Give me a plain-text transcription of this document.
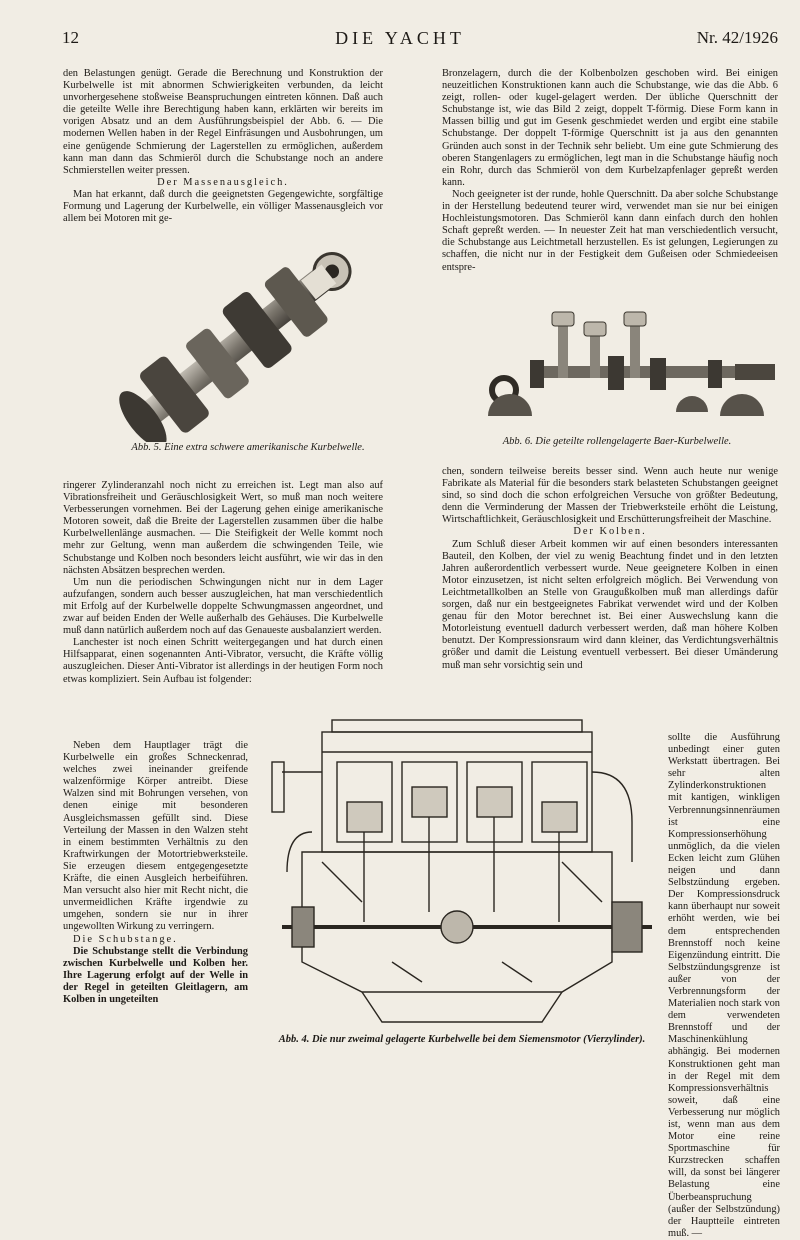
12	DIE YACHT	Nr. 42/1926

den Belastungen genügt. Gerade die Berechnung und Konstruktion der Kurbelwelle ist mit abnormen Schwierigkeiten verbunden, da leicht unvorhergesehene stoßweise Beanspruchungen eintreten können. Daß auch die geteilte Welle ihre Berechtigung haben kann, erklärten wir bereits im vorigen Absatz und an dem Ausführungsbeispiel der Abb. 6. — Die modernen Wellen haben in der Regel Einfräsungen und Ausbohrungen, um eine genügende Schmierung der Lagerstellen zu ermöglichen, außerdem kann man dann das Schmieröl durch die Schubstange noch an andere Schmierstellen weiter pressen.

Der Massenausgleich.

Man hat erkannt, daß durch die geeignetsten Gegengewichte, sorgfältige Formung und Lagerung der Kurbelwelle, ein völliger Massenausgleich vor allem bei Motoren mit ge-

Bronzelagern, durch die der Kolbenbolzen geschoben wird. Bei einigen neuzeitlichen Konstruktionen kann auch die Schubstange, wie das die Abb. 6 zeigt, rollen- oder kugel-gelagert werden. Der übliche Querschnitt der Schubstange ist, wie das Bild 2 zeigt, doppelt T-förmig. Diese Form kann in Massen billig und gut im Gesenk geschmiedet werden und ergibt eine stabile Schubstange. Der doppelt T-förmige Querschnitt ist ja aus den genannten Gründen auch sonst in der Technik sehr beliebt. Um eine gute Schmierung des oberen Stangenlagers zu ermöglichen, legt man in die Schubstange häufig noch ein Rohr, durch das Schmieröl von dem Kurbelzapfenlager gepreßt werden kann.

Noch geeigneter ist der runde, hohle Querschnitt. Da aber solche Schubstange in der Herstellung bedeutend teurer wird, verwendet man sie nur bei einigen Hochleistungsmotoren. Das Schmieröl kann dann einfach durch den hohlen Schaft gepreßt werden. — In neuester Zeit hat man verschiedentlich versucht, die Schubstange aus Leichtmetall herzustellen. Es ist gelungen, Legierungen zu schaffen, die nicht nur in der Festigkeit dem Gußeisen oder Schmiedeeisen entspre-

Abb. 5. Eine extra schwere amerikanische Kurbelwelle.
Abb. 6. Die geteilte rollengelagerte Baer-Kurbelwelle.

ringerer Zylinderanzahl noch nicht zu erreichen ist. Legt man also auf Vibrationsfreiheit und Geräuschlosigkeit Wert, so muß man noch weitere Verbesserungen vornehmen. Bei der Lagerung gehen einige amerikanische Motoren soweit, daß die Breite der Lagerstellen zusammen über die halbe Kurbelwellenlänge ausmachen. — Die Steifigkeit der Welle kommt noch mehr zur Geltung, wenn man außerdem die schwingenden Teile, wie Schubstange und Kolben noch besonders leicht ausführt, wie wir das in den nächsten Absätzen besprechen werden.

Um nun die periodischen Schwingungen nicht nur in dem Lager aufzufangen, sondern auch besser auszugleichen, hat man verschiedentlich mit Erfolg auf der Kurbelwelle doppelte Schwungmassen angeordnet, und zwar auf beiden Enden der Welle außerhalb des Gehäuses. Die Kurbelwelle muß dann natürlich außerdem noch auf das Genaueste ausbalanziert werden.

Lanchester ist noch einen Schritt weitergegangen und hat durch einen Hilfsapparat, einen sogenannten Anti-Vibrator, versucht, die Kräfte völlig auszugleichen. Dieser Anti-Vibrator ist allerdings in der heutigen Form noch etwas kompliziert. Sein Aufbau ist folgender:

Neben dem Hauptlager trägt die Kurbelwelle ein großes Schneckenrad, welches zwei ineinander greifende walzenförmige Körper antreibt. Diese Walzen sind mit Bohrungen versehen, von denen einige mit besonderen Ausgleichsmassen gefüllt sind. Diese Verteilung der Massen in den Walzen steht in einem bestimmten Verhältnis zu den Kraftwirkungen der Motortriebwerksteile. Sie erzeugen diesem entgegengesetzte Kräfte, die einen Ausgleich herbeiführen. Man versucht also hier mit Recht nicht, die unvermeidlichen Kräfte irgendwie zu umgehen, sondern sie nur in ihrer ungewollten Wirkung zu verringern.

Die Schubstange.

Die Schubstange stellt die Verbindung zwischen Kurbelwelle und Kolben her. Ihre Lagerung erfolgt auf der Welle in der Regel in geteilten Gleitlagern, am Kolben in ungeteilten

chen, sondern teilweise bereits besser sind. Wenn auch heute nur wenige Fabrikate als Material für die besonders stark belasteten Schubstangen geeignet sind, so sind doch die schon erfolgreichen Versuche von größter Bedeutung, denn die Verminderung der Massen der Triebwerksteile erhöht die Leistung, Wirtschaftlichkeit, Geräuschlosigkeit und Erschütterungsfreiheit der Maschine.

Der Kolben.

Zum Schluß dieser Arbeit kommen wir auf einen besonders interessanten Bauteil, den Kolben, der viel zu wenig Beachtung findet und in den letzten Jahren außerordentlich verbessert wurde. Neue geeignetere Kolben in einen Motor einzusetzen, ist nicht selten erfolgreich möglich. Bei Verwendung von Leichtmetallkolben an Stelle von Graugußkolben muß man allerdings dafür sorgen, daß nur ein bestgeeignetes Fabrikat verwendet wird und der Kolben genau für den Motor berechnet ist. Bei einer Auswechslung kann die Motorleistung eventuell dadurch verbessert werden, daß man höhere Kolben benutzt. Der Kompressionsraum wird dann kleiner, das Verdichtungsverhältnis größer und damit die Leistung eventuell verbessert. Bei dieser Umänderung muß man sehr vorsichtig sein und

sollte die Ausführung unbedingt einer guten Werkstatt übertragen. Bei sehr alten Zylinderkonstruktionen mit kantigen, winkligen Verbrennungsinnenräumen ist eine Kompressionserhöhung unmöglich, da die vielen Ecken leicht zum Glühen neigen und dann Selbstzündung ergeben. Der Kompressionsdruck kann überhaupt nur soweit erhöht werden, wie bei dem entsprechenden Brennstoff noch keine Eigenzündung eintritt. Die Selbstzündungsgrenze ist außer von der Verbrennungsform der Materialien noch stark von dem verwendeten Brennstoff und der Maschinenkühlung abhängig. Bei modernen Konstruktionen geht man in der Regel mit dem Kompressionsverhältnis soweit, daß eine Verbesserung nur möglich ist, wenn man aus dem Motor eine reine Sportmaschine für Kurzstrecken schaffen will, da sonst bei längerer Belastung eine Überbeanspruchung (außer der Selbstzündung) der Hauptteile eintreten muß. —

Abb. 4. Die nur zweimal gelagerte Kurbelwelle bei dem Siemensmotor (Vierzylinder).
